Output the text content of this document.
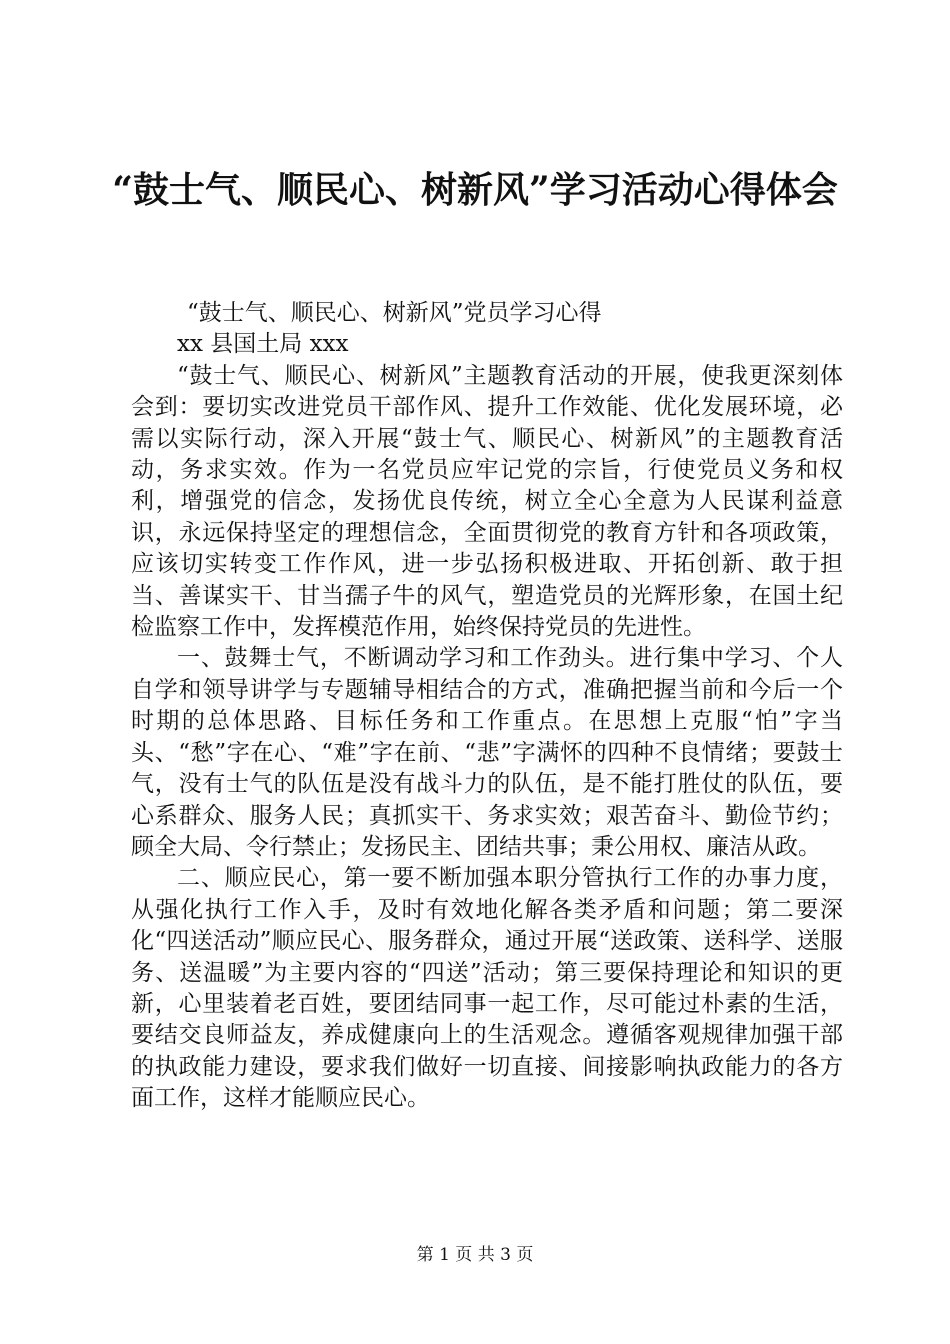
“鼓士气、顺民心、树新风”学习活动心得体会

“鼓士气、顺民心、树新风”党员学习心得

xx 县国土局 xxx

“鼓士气、顺民心、树新风”主题教育活动的开展，使我更深刻体会到：要切实改进党员干部作风、提升工作效能、优化发展环境，必需以实际行动，深入开展“鼓士气、顺民心、树新风”的主题教育活动，务求实效。作为一名党员应牢记党的宗旨，行使党员义务和权利，增强党的信念，发扬优良传统，树立全心全意为人民谋利益意识，永远保持坚定的理想信念，全面贯彻党的教育方针和各项政策，应该切实转变工作作风，进一步弘扬积极进取、开拓创新、敢于担当、善谋实干、甘当孺子牛的风气，塑造党员的光辉形象，在国土纪检监察工作中，发挥模范作用，始终保持党员的先进性。

一、鼓舞士气，不断调动学习和工作劲头。进行集中学习、个人自学和领导讲学与专题辅导相结合的方式，准确把握当前和今后一个时期的总体思路、目标任务和工作重点。在思想上克服“怕”字当头、“愁”字在心、“难”字在前、“悲”字满怀的四种不良情绪；要鼓士气，没有士气的队伍是没有战斗力的队伍，是不能打胜仗的队伍，要心系群众、服务人民；真抓实干、务求实效；艰苦奋斗、勤俭节约；顾全大局、令行禁止；发扬民主、团结共事；秉公用权、廉洁从政。

二、顺应民心，第一要不断加强本职分管执行工作的办事力度，从强化执行工作入手，及时有效地化解各类矛盾和问题；第二要深化“四送活动”顺应民心、服务群众，通过开展“送政策、送科学、送服务、送温暖”为主要内容的“四送”活动；第三要保持理论和知识的更新，心里装着老百姓，要团结同事一起工作，尽可能过朴素的生活，要结交良师益友，养成健康向上的生活观念。遵循客观规律加强干部的执政能力建设，要求我们做好一切直接、间接影响执政能力的各方面工作，这样才能顺应民心。

第 1 页 共 3 页
